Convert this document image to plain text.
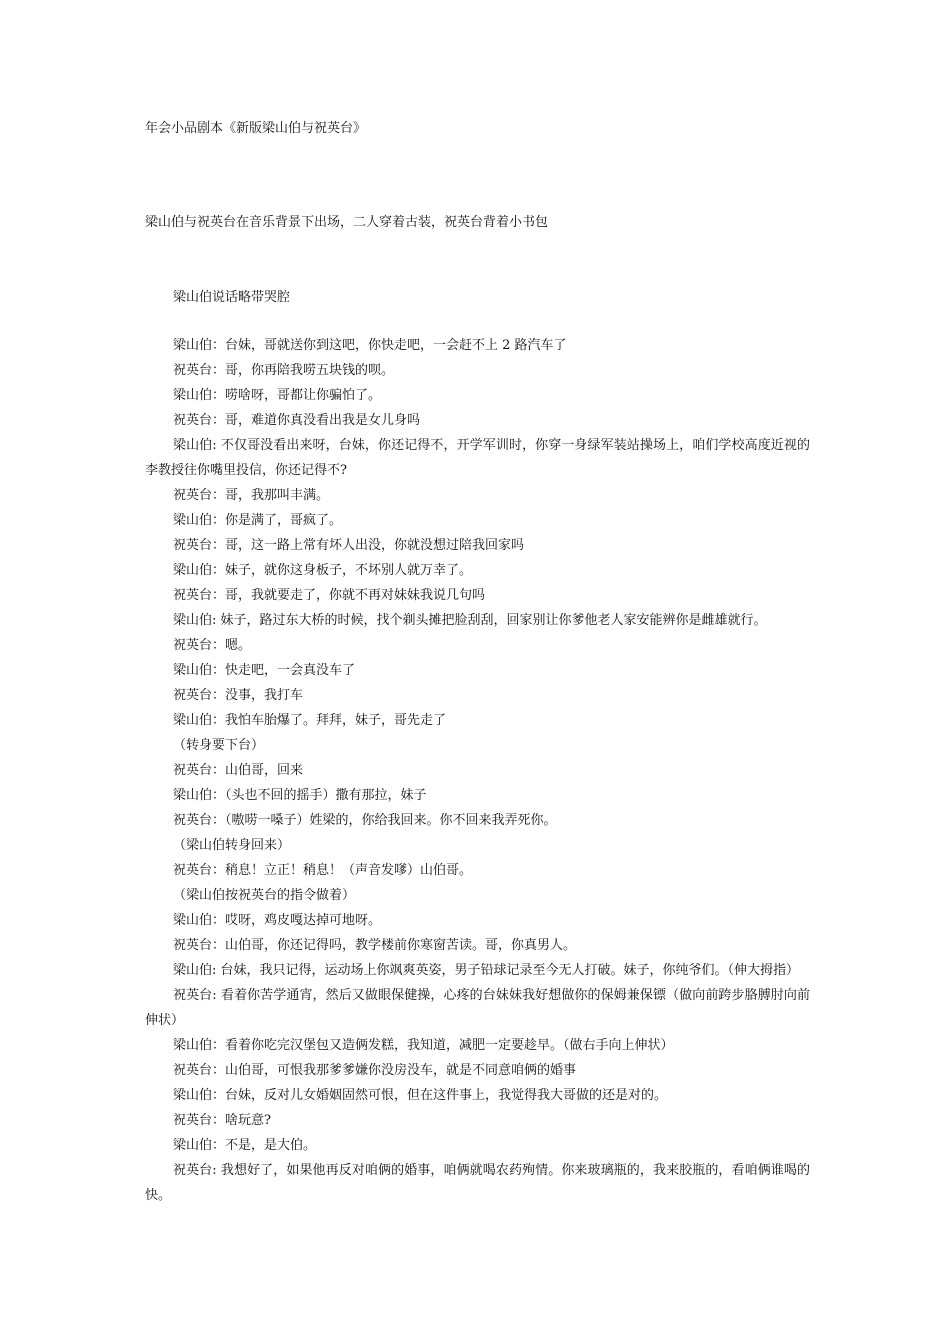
年会小品剧本《新版梁山伯与祝英台》
梁山伯与祝英台在音乐背景下出场，二人穿着古装，祝英台背着小书包
梁山伯说话略带哭腔
梁山伯：台妹，哥就送你到这吧，你快走吧，一会赶不上 2 路汽车了
祝英台：哥，你再陪我唠五块钱的呗。
梁山伯：唠啥呀，哥都让你骗怕了。
祝英台：哥，难道你真没看出我是女儿身吗
梁山伯: 不仅哥没看出来呀，台妹，你还记得不，开学军训时，你穿一身绿军装站操场上，咱们学校高度近视的李教授往你嘴里投信，你还记得不?
祝英台：哥，我那叫丰满。
梁山伯：你是满了，哥疯了。
祝英台：哥，这一路上常有坏人出没，你就没想过陪我回家吗
梁山伯：妹子，就你这身板子，不坏别人就万幸了。
祝英台：哥，我就要走了，你就不再对妹妹我说几句吗
梁山伯: 妹子，路过东大桥的时候，找个剃头摊把脸刮刮，回家别让你爹他老人家安能辨你是雌雄就行。
祝英台：嗯。
梁山伯：快走吧，一会真没车了
祝英台：没事，我打车
梁山伯：我怕车胎爆了。拜拜，妹子，哥先走了
（转身要下台）
祝英台：山伯哥，回来
梁山伯：（头也不回的摇手）撒有那拉，妹子
祝英台：（嗷唠一嗓子）姓梁的，你给我回来。你不回来我弄死你。
（梁山伯转身回来）
祝英台：稍息！立正！稍息！（声音发嗲）山伯哥。
（梁山伯按祝英台的指令做着）
梁山伯：哎呀，鸡皮嘎达掉可地呀。
祝英台：山伯哥，你还记得吗，教学楼前你寒窗苦读。哥，你真男人。
梁山伯: 台妹，我只记得，运动场上你飒爽英姿，男子铅球记录至今无人打破。妹子，你纯爷们。（伸大拇指）
祝英台: 看着你苦学通宵，然后又做眼保健操，心疼的台妹妹我好想做你的保姆兼保镖（做向前跨步胳膊肘向前伸状）
梁山伯：看着你吃完汉堡包又造俩发糕，我知道，减肥一定要趁早。（做右手向上伸状）
祝英台：山伯哥，可恨我那爹爹嫌你没房没车，就是不同意咱俩的婚事
梁山伯：台妹，反对儿女婚姻固然可恨，但在这件事上，我觉得我大哥做的还是对的。
祝英台：啥玩意?
梁山伯：不是，是大伯。
祝英台: 我想好了，如果他再反对咱俩的婚事，咱俩就喝农药殉情。你来玻璃瓶的，我来胶瓶的，看咱俩谁喝的快。
